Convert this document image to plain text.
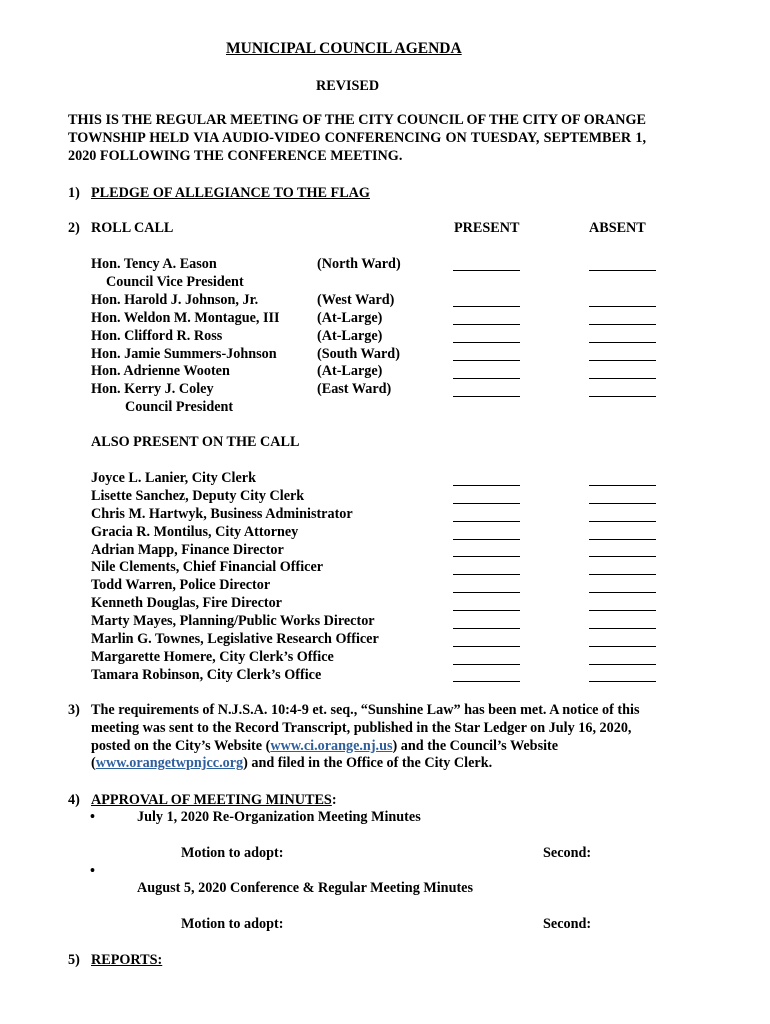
MUNICIPAL COUNCIL AGENDA
REVISED
THIS IS THE REGULAR MEETING OF THE CITY COUNCIL OF THE CITY OF ORANGE TOWNSHIP HELD VIA AUDIO-VIDEO CONFERENCING ON TUESDAY, SEPTEMBER 1, 2020 FOLLOWING THE CONFERENCE MEETING.
1) PLEDGE OF ALLEGIANCE TO THE FLAG
2) ROLL CALL	PRESENT	ABSENT
Hon. Tency A. Eason	(North Ward)
Council Vice President
Hon. Harold J. Johnson, Jr.	(West Ward)
Hon. Weldon M. Montague, III	(At-Large)
Hon. Clifford R. Ross	(At-Large)
Hon. Jamie Summers-Johnson	(South Ward)
Hon. Adrienne Wooten	(At-Large)
Hon. Kerry J. Coley	(East Ward)
Council President
ALSO PRESENT ON THE CALL
Joyce L. Lanier, City Clerk
Lisette Sanchez, Deputy City Clerk
Chris M. Hartwyk, Business Administrator
Gracia R. Montilus, City Attorney
Adrian Mapp, Finance Director
Nile Clements, Chief Financial Officer
Todd Warren, Police Director
Kenneth Douglas, Fire Director
Marty Mayes, Planning/Public Works Director
Marlin G. Townes, Legislative Research Officer
Margarette Homere, City Clerk’s Office
Tamara Robinson, City Clerk’s Office
3) The requirements of N.J.S.A. 10:4-9 et. seq., “Sunshine Law” has been met. A notice of this meeting was sent to the Record Transcript, published in the Star Ledger on July 16, 2020, posted on the City’s Website (www.ci.orange.nj.us) and the Council’s Website (www.orangetwpnjcc.org) and filed in the Office of the City Clerk.
4) APPROVAL OF MEETING MINUTES:
•	July 1, 2020 Re-Organization Meeting Minutes
Motion to adopt:	Second:
•
August 5, 2020 Conference & Regular Meeting Minutes
Motion to adopt:	Second:
5) REPORTS:
